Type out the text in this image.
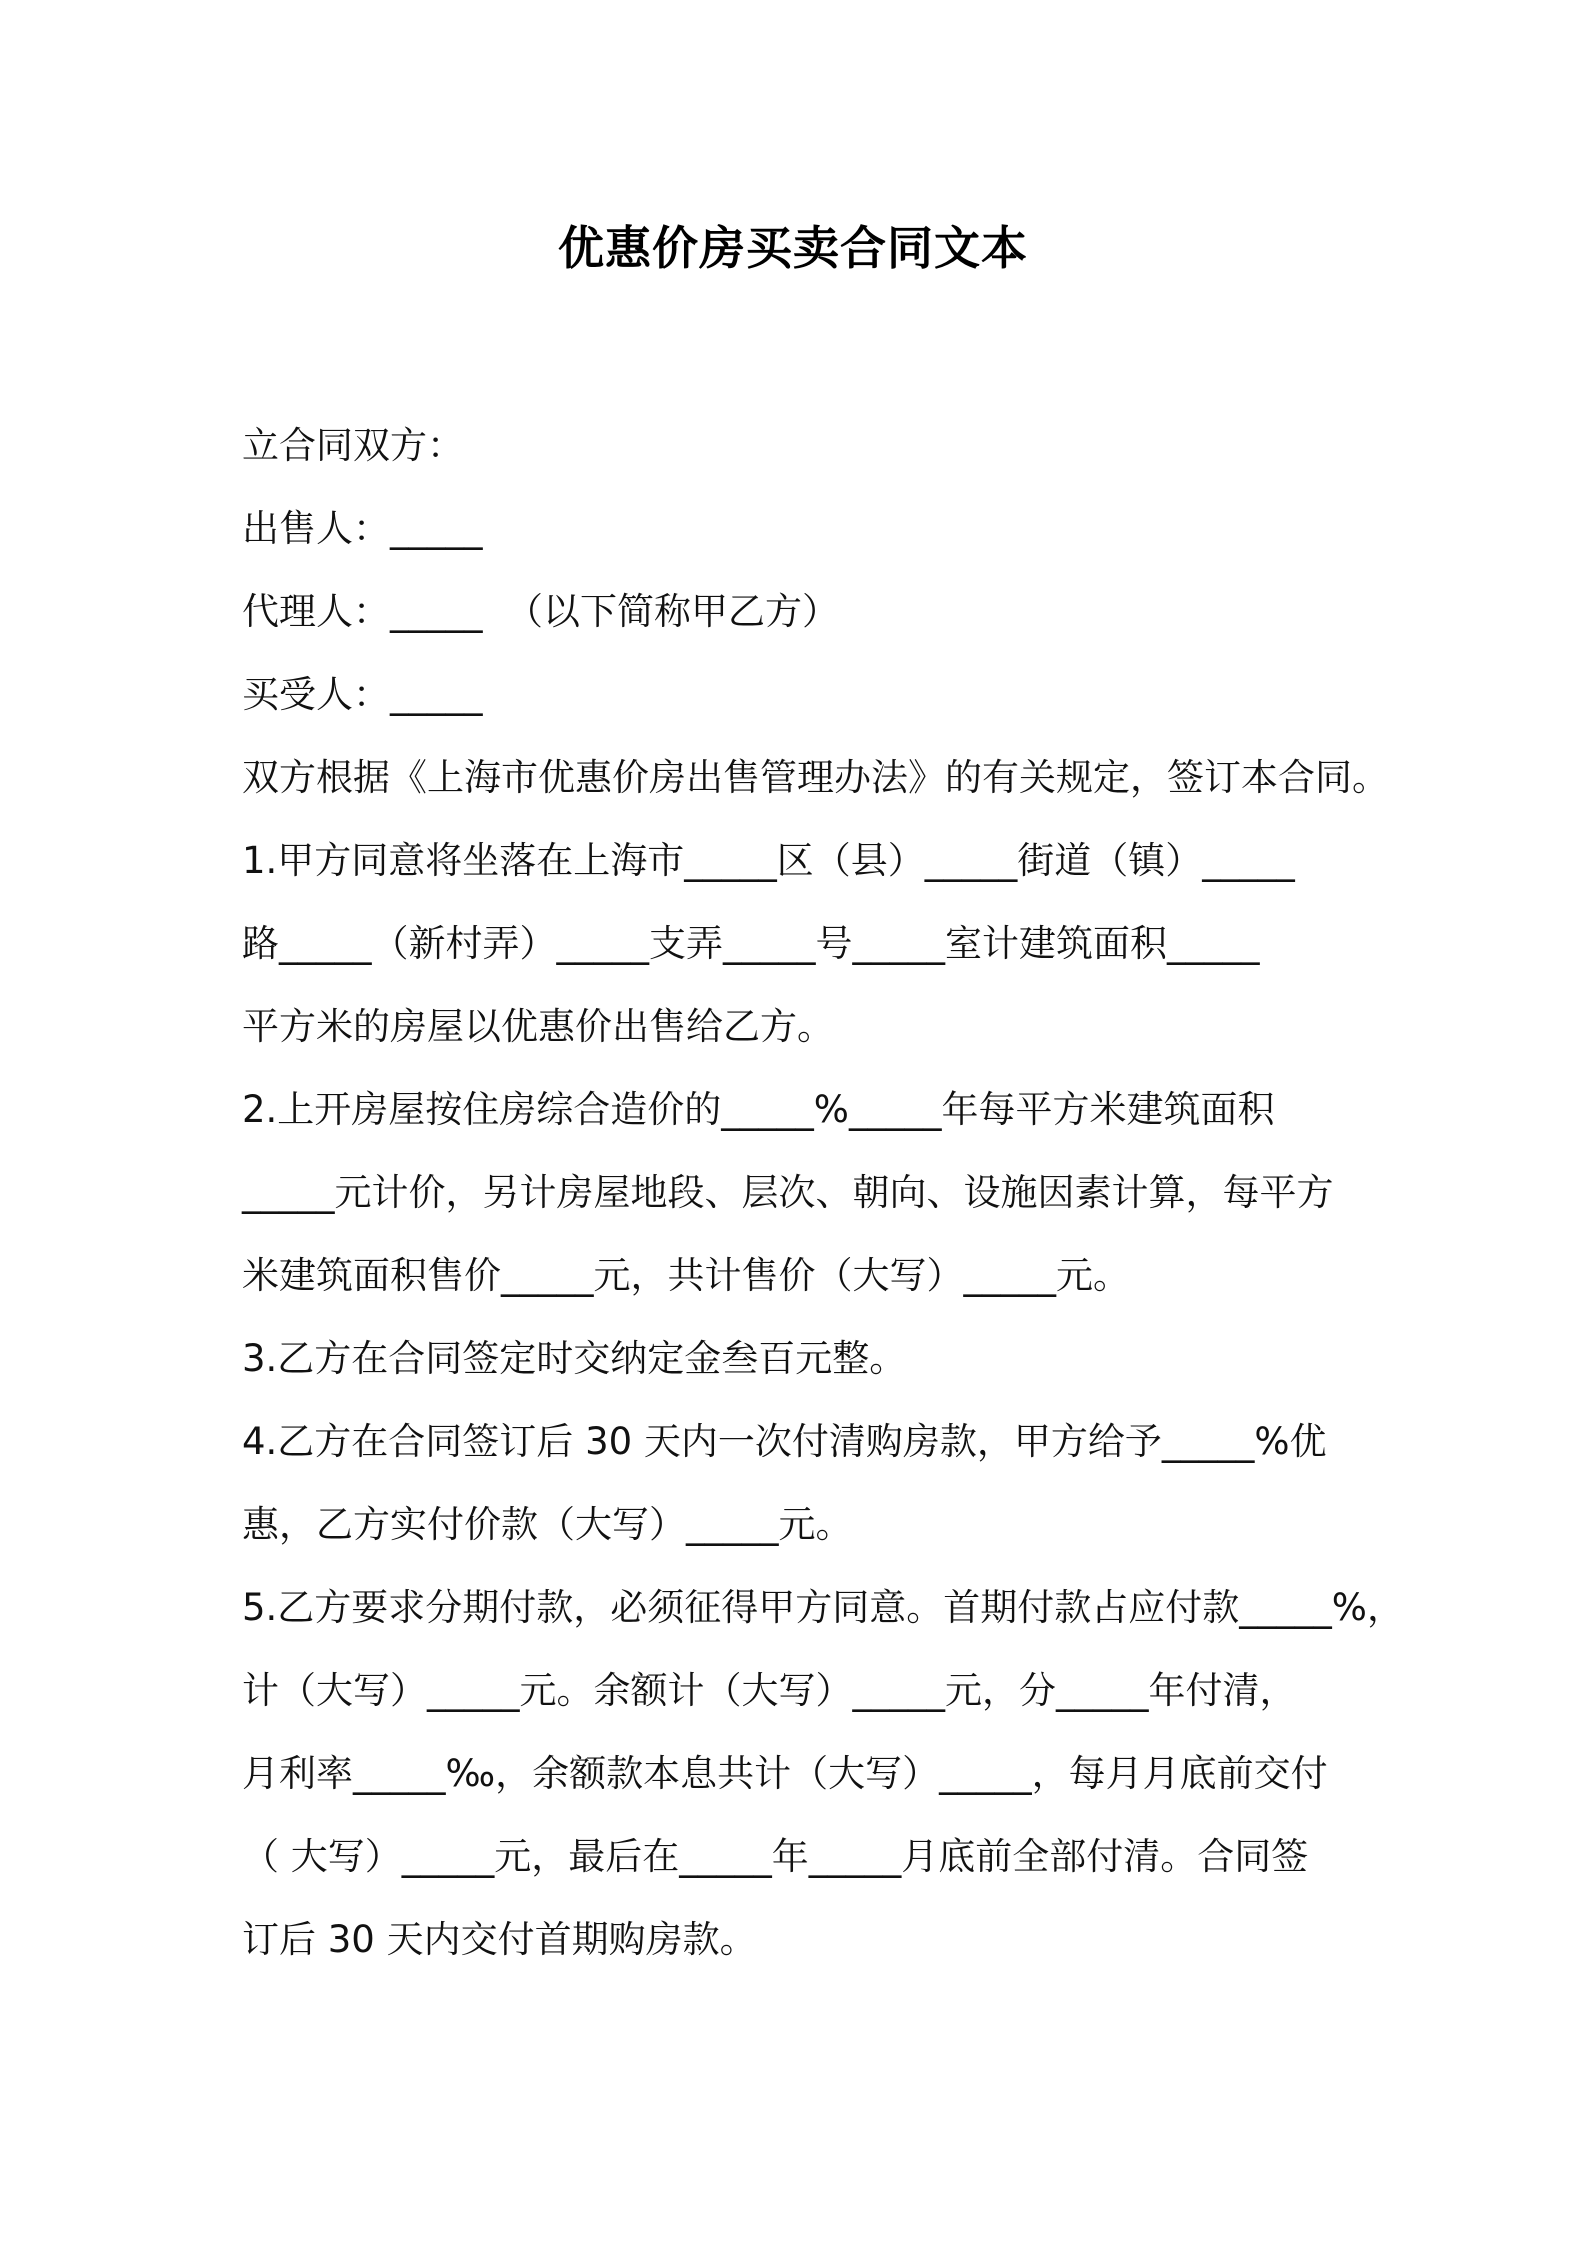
优惠价房买卖合同文本
立合同双方：
出售人：_____
代理人：_____  （以下简称甲乙方）
买受人：_____
双方根据《上海市优惠价房出售管理办法》的有关规定，签订本合同。
1.甲方同意将坐落在上海市_____区（县）_____街道（镇）_____
路_____（新村弄）_____支弄_____号_____室计建筑面积_____
平方米的房屋以优惠价出售给乙方。
2.上开房屋按住房综合造价的_____%_____年每平方米建筑面积
_____元计价，另计房屋地段、层次、朝向、设施因素计算，每平方
米建筑面积售价_____元，共计售价（大写）_____元。
3.乙方在合同签定时交纳定金叁百元整。
4.乙方在合同签订后 30 天内一次付清购房款，甲方给予_____%优
惠，乙方实付价款（大写）_____元。
5.乙方要求分期付款，必须征得甲方同意。首期付款占应付款_____%，
计（大写）_____元。余额计（大写）_____元，分_____年付清，
月利率_____‰，余额款本息共计（大写）_____，每月月底前交付
（ 大写）_____元，最后在_____年_____月底前全部付清。合同签
订后 30 天内交付首期购房款。
